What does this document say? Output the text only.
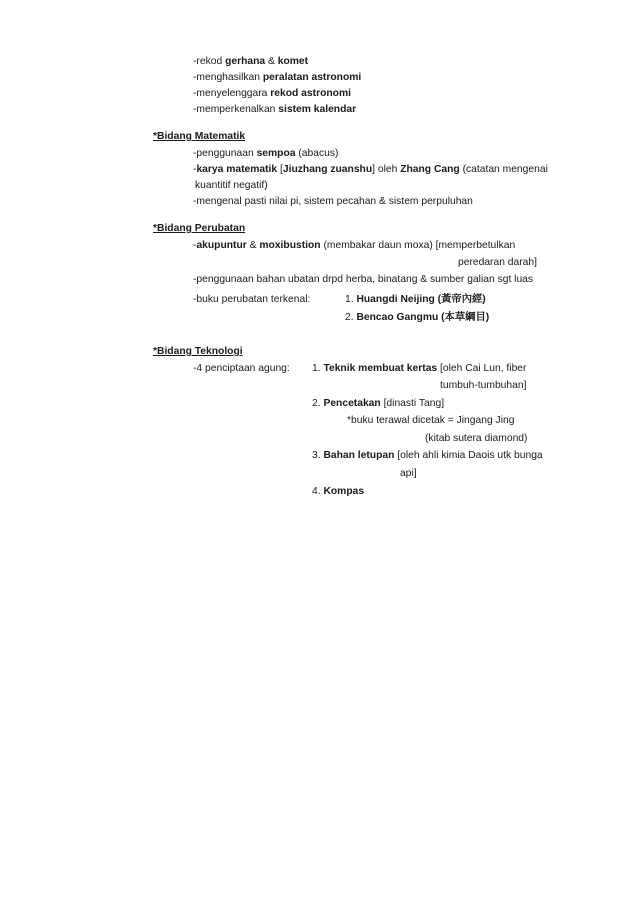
-rekod gerhana & komet
-menghasilkan peralatan astronomi
-menyelenggara rekod astronomi
-memperkenalkan sistem kalendar
*Bidang Matematik
-penggunaan sempoa (abacus)
-karya matematik [Jiuzhang zuanshu] oleh Zhang Cang (catatan mengenai
kuantitif negatif)
-mengenal pasti nilai pi, sistem pecahan & sistem perpuluhan
*Bidang Perubatan
-akupuntur & moxibustion (membakar daun moxa) [memperbetulkan
peredaran darah]
-penggunaan bahan ubatan drpd herba, binatang & sumber galian sgt luas
-buku perubatan terkenal:	1. Huangdi Neijing (黃帝內經)
2. Bencao Gangmu (本草綱目)
*Bidang Teknologi
-4 penciptaan agung: 1. Teknik membuat kertas [oleh Cai Lun, fiber
tumbuh-tumbuhan]
2. Pencetakan [dinasti Tang]
*buku terawal dicetak = Jingang Jing
(kitab sutera diamond)
3. Bahan letupan [oleh ahli kimia Daois utk bunga
api]
4. Kompas
